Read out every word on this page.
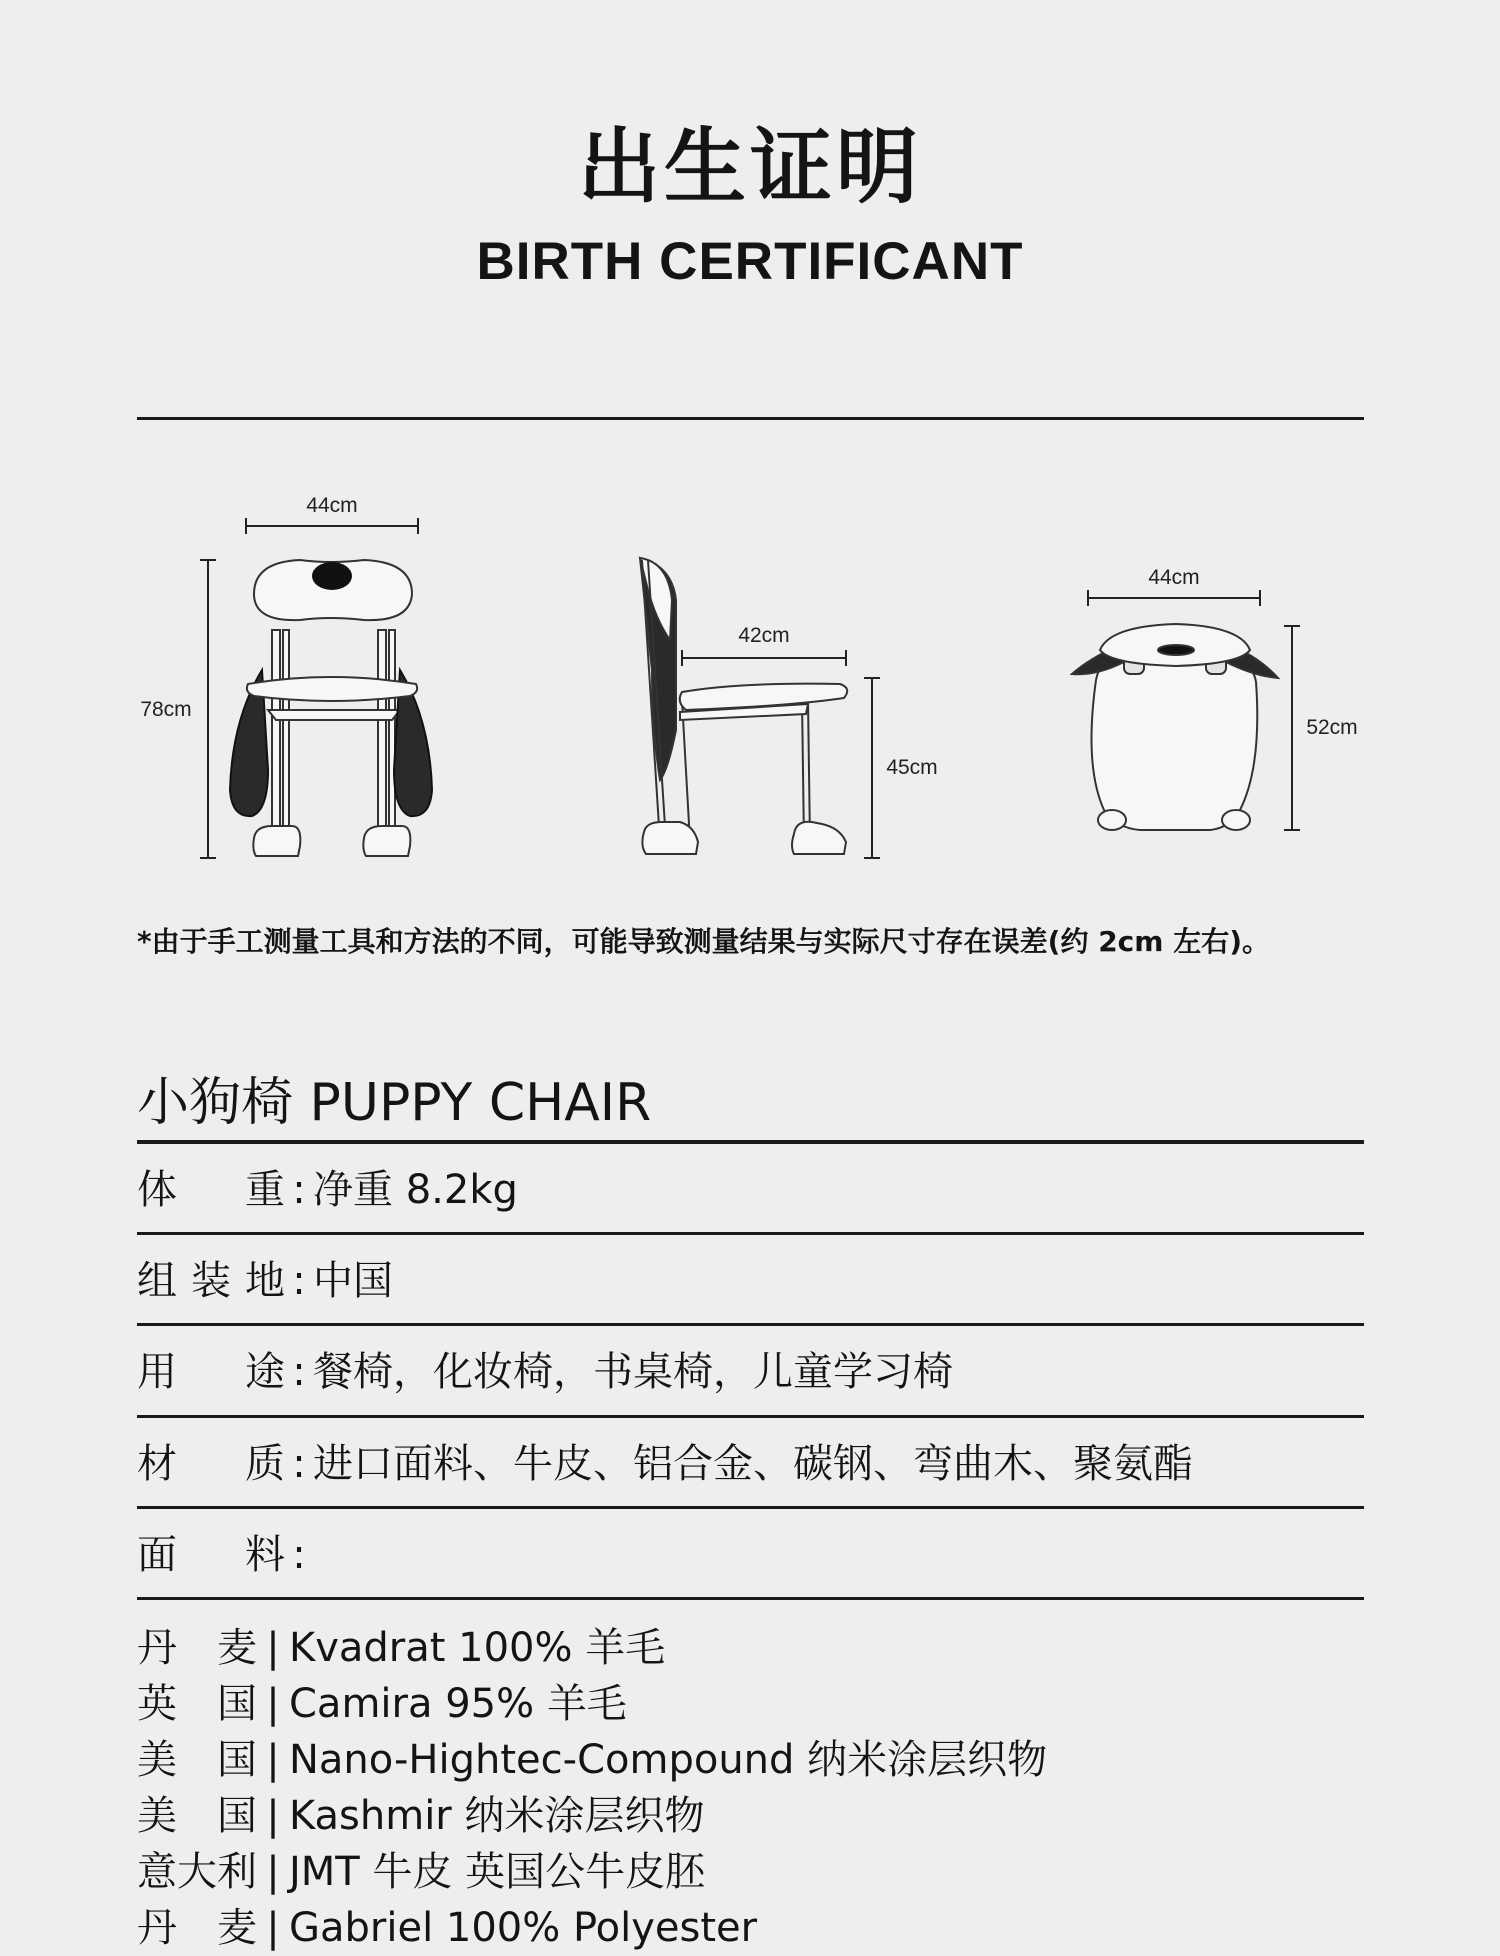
出生证明
BIRTH CERTIFICANT
44cm
78cm
42cm
45cm
44cm
52cm
*由于手工测量工具和方法的不同，可能导致测量结果与实际尺寸存在误差(约 2cm 左右)。
小狗椅 PUPPY CHAIR
体 重 : 净重 8.2kg
组装地 : 中国
用 途 : 餐椅，化妆椅，书桌椅，儿童学习椅
材 质 : 进口面料、牛皮、铝合金、碳钢、弯曲木、聚氨酯
面 料 :
丹 麦 | Kvadrat 100% 羊毛
英 国 | Camira 95% 羊毛
美 国 | Nano-Hightec-Compound 纳米涂层织物
美 国 | Kashmir 纳米涂层织物
意大利 | JMT 牛皮 英国公牛皮胚
丹 麦 | Gabriel 100% Polyester
